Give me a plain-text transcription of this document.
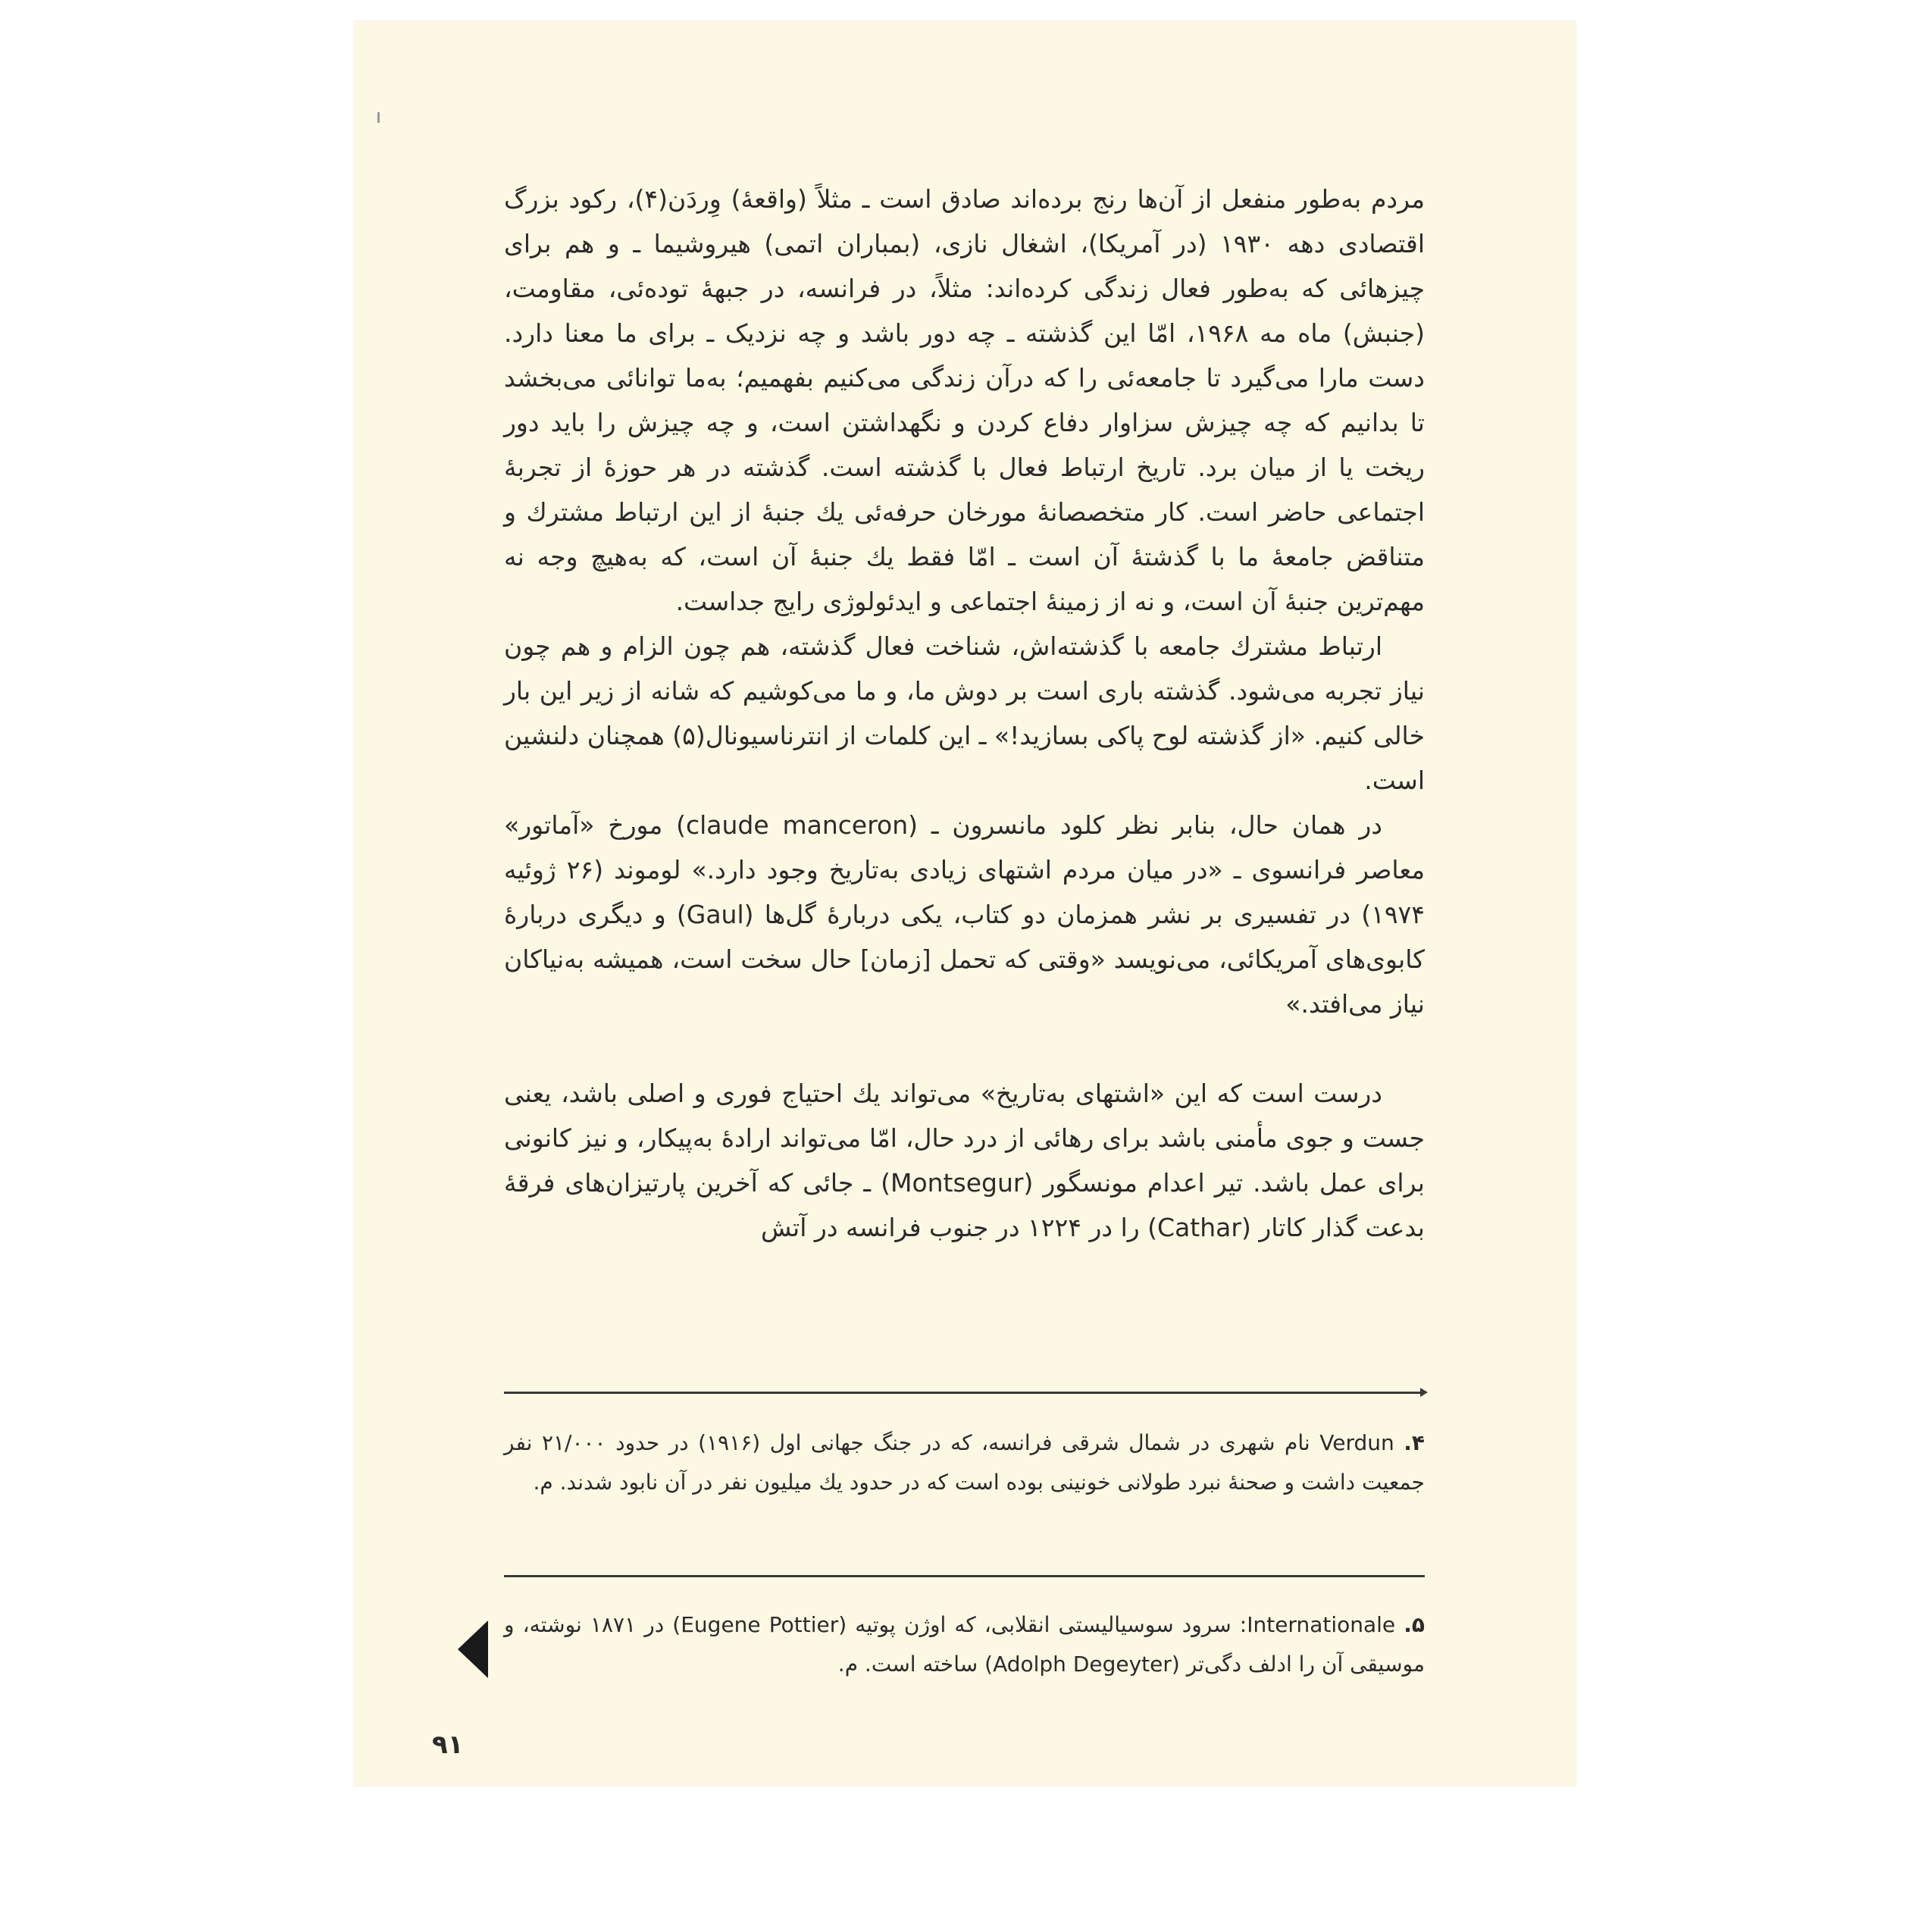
مردم به‌طور منفعل از آن‌ها رنج برده‌اند صادق است ـ مثلاً (واقعهٔ) وِردَن(۴)، رکود بزرگ اقتصادی دهه ۱۹۳۰ (در آمریکا)، اشغال نازی، (بمباران اتمی) هیروشیما ـ و هم برای چیزهائی که به‌طور فعال زندگی کرده‌اند: مثلاً، در فرانسه، در جبههٔ توده‌ئی، مقاومت، (جنبش) ماه مه ۱۹۶۸، امّا این گذشته ـ چه دور باشد و چه نزدیک ـ برای ما معنا دارد. دست مارا می‌گیرد تا جامعه‌ئی را که درآن زندگی می‌کنیم بفهمیم؛ به‌ما توانائی می‌بخشد تا بدانیم که چه چیزش سزاوار دفاع کردن و نگهداشتن است، و چه چیزش را باید دور ریخت یا از میان برد. تاریخ ارتباط فعال با گذشته است. گذشته در هر حوزهٔ از تجربهٔ اجتماعی حاضر است. کار متخصصانهٔ مورخان حرفه‌ئی یك جنبهٔ از این ارتباط مشترك و متناقض جامعهٔ ما با گذشتهٔ آن است ـ امّا فقط یك جنبهٔ آن است، که به‌هیچ وجه نه مهم‌ترین جنبهٔ آن است، و نه از زمینهٔ اجتماعی و ایدئولوژی رایج جداست.

ارتباط مشترك جامعه با گذشته‌اش، شناخت فعال گذشته، هم چون الزام و هم چون نیاز تجربه می‌شود. گذشته باری است بر دوش ما، و ما می‌کوشیم که شانه از زیر این بار خالی کنیم. «از گذشته لوح پاکی بسازید!» ـ این کلمات از انترناسیونال(۵) همچنان دلنشین است.

در همان حال، بنابر نظر کلود مانسرون ـ (claude manceron) مورخ «آماتور» معاصر فرانسوی ـ «در میان مردم اشتهای زیادی به‌تاریخ وجود دارد.» لوموند (۲۶ ژوئیه ۱۹۷۴) در تفسیری بر نشر همزمان دو کتاب، یکی دربارهٔ گل‌ها (Gaul) و دیگری دربارهٔ کابوی‌های آمریکائی، می‌نویسد «وقتی که تحمل [زمان] حال سخت است، همیشه به‌نیاکان نیاز می‌افتد.»

درست است که این «اشتهای به‌تاریخ» می‌تواند یك احتیاج فوری و اصلی باشد، یعنی جست و جوی مأمنی باشد برای رهائی از درد حال، امّا می‌تواند ارادهٔ به‌پیکار، و نیز کانونی برای عمل باشد. تیر اعدام مونسگور (Montsegur) ـ جائی که آخرین پارتیزان‌های فرقهٔ بدعت گذار کاتار (Cathar) را در ۱۲۲۴ در جنوب فرانسه در آتش

۴. Verdun نام شهری در شمال شرقی فرانسه، که در جنگ جهانی اول (۱۹۱۶) در حدود ۲۱/۰۰۰ نفر جمعیت داشت و صحنهٔ نبرد طولانی خونینی بوده است که در حدود یك میلیون نفر در آن نابود شدند. م.

۵. Internationale: سرود سوسیالیستی انقلابی، که اوژن پوتیه (Eugene Pottier) در ۱۸۷۱ نوشته، و موسیقی آن را ادلف دگی‌تر (Adolph Degeyter) ساخته است. م.

۹۱
